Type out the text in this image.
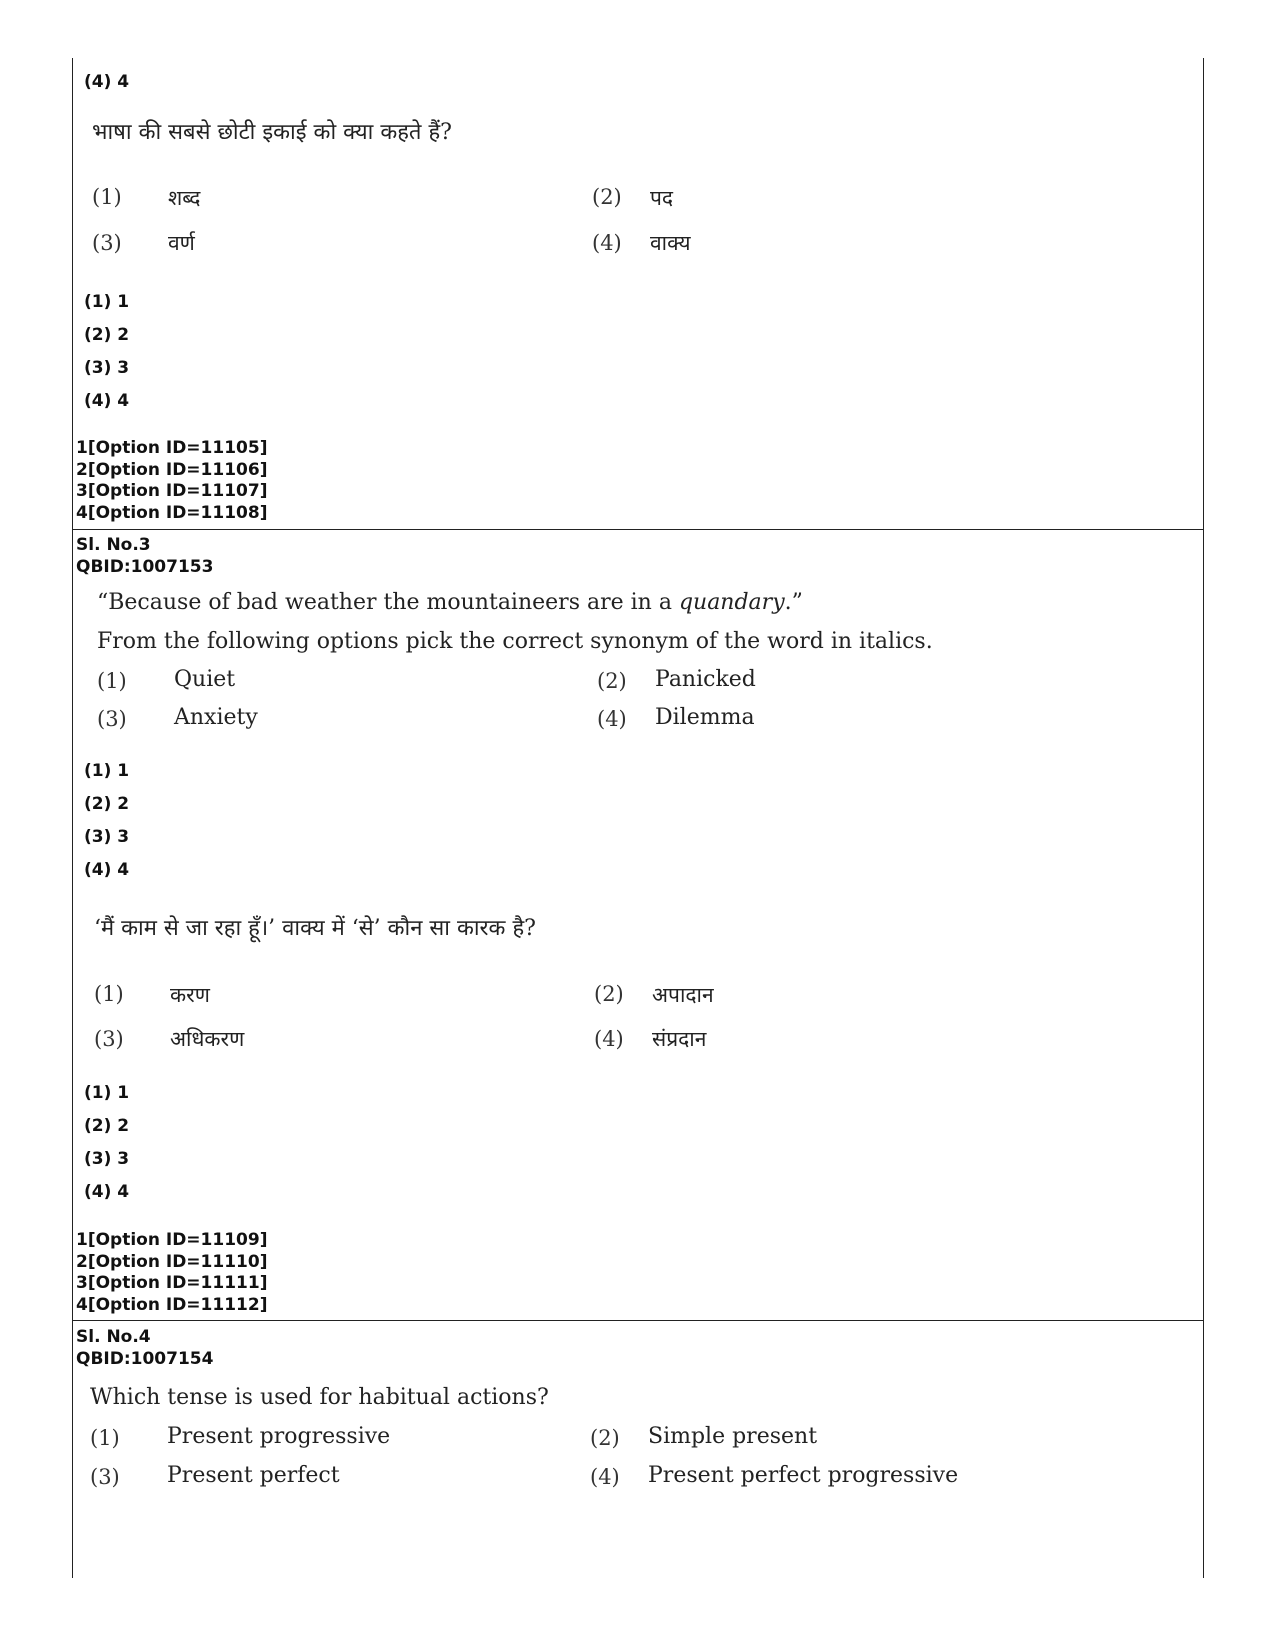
(4) 4
भाषा की सबसे छोटी इकाई को क्या कहते हैं?
(1) शब्द	(2) पद
(3) वर्ण	(4) वाक्य
(1) 1
(2) 2
(3) 3
(4) 4
1[Option ID=11105]
2[Option ID=11106]
3[Option ID=11107]
4[Option ID=11108]
Sl. No.3
QBID:1007153
“Because of bad weather the mountaineers are in a quandary.”
From the following options pick the correct synonym of the word in italics.
(1) Quiet	(2) Panicked
(3) Anxiety	(4) Dilemma
(1) 1
(2) 2
(3) 3
(4) 4
‘मैं काम से जा रहा हूँ।’ वाक्य में ‘से’ कौन सा कारक है?
(1) करण	(2) अपादान
(3) अधिकरण	(4) संप्रदान
(1) 1
(2) 2
(3) 3
(4) 4
1[Option ID=11109]
2[Option ID=11110]
3[Option ID=11111]
4[Option ID=11112]
Sl. No.4
QBID:1007154
Which tense is used for habitual actions?
(1) Present progressive	(2) Simple present
(3) Present perfect	(4) Present perfect progressive
